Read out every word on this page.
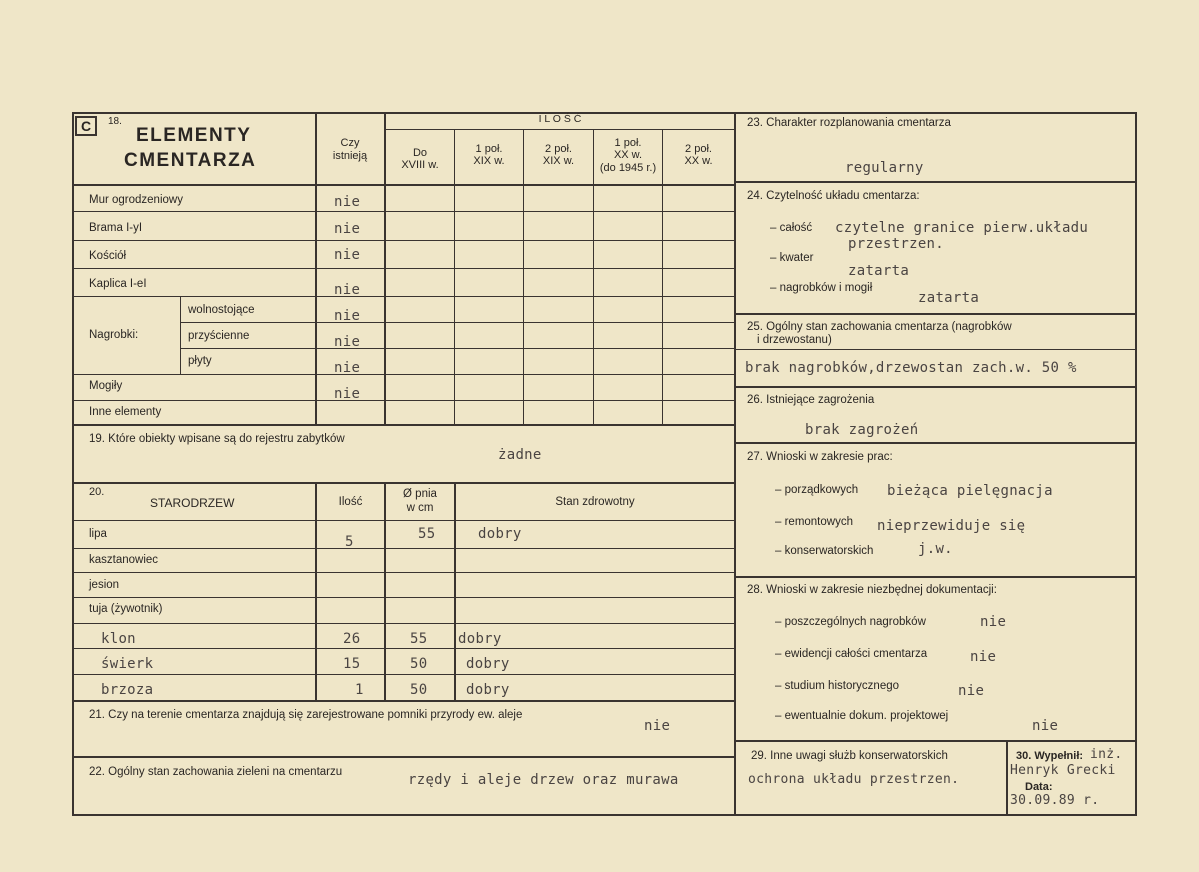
C	18.
ELEMENTY
CMENTARZA
Czy
istnieją
I L O Ś Ć
Do
XVIII w.
1 poł.
XIX w.
2 poł.
XIX w.
1 poł.
XX w.
(do 1945 r.)
2 poł.
XX w.
Mur ogrodzeniowy	nie
Brama I-yI	nie
Kościół	nie
Kaplica I-eI	nie
Nagrobki:
wolnostojące	nie
przyścienne	nie
płyty	nie
Mogiły	nie
Inne elementy
19. Które obiekty wpisane są do rejestru zabytków
żadne
20.
STARODRZEW	Ilość
Ø pnia
w cm	Stan zdrowotny
lipa	5	55	dobry
kasztanowiec
jesion
tuja (żywotnik)
klon	26	55 dobry
świerk	15	50	dobry
brzoza	1	50	dobry
21. Czy na terenie cmentarza znajdują się zarejestrowane pomniki przyrody ew. aleje
nie
22. Ogólny stan zachowania zieleni na cmentarzu	rzędy i aleje drzew oraz murawa
23. Charakter rozplanowania cmentarza
regularny
24. Czytelność układu cmentarza:
– całość czytelne granice pierw.układu
przestrzen.
– kwater
zatarta
– nagrobków i mogił
zatarta
25. Ogólny stan zachowania cmentarza (nagrobków
i drzewostanu)
brak nagrobków,drzewostan zach.w. 50 %
26. Istniejące zagrożenia
brak zagrożeń
27. Wnioski w zakresie prac:
– porządkowych bieżąca pielęgnacja
– remontowych nieprzewiduje się
– konserwatorskich	j.w.
28. Wnioski w zakresie niezbędnej dokumentacji:
– poszczególnych nagrobków	nie
– ewidencji całości cmentarza	nie
– studium historycznego	nie
– ewentualnie dokum. projektowej
nie
29. Inne uwagi służb konserwatorskich
ochrona układu przestrzen.
30. Wypełnił: inż.
Henryk Grecki
Data:
30.09.89 r.
